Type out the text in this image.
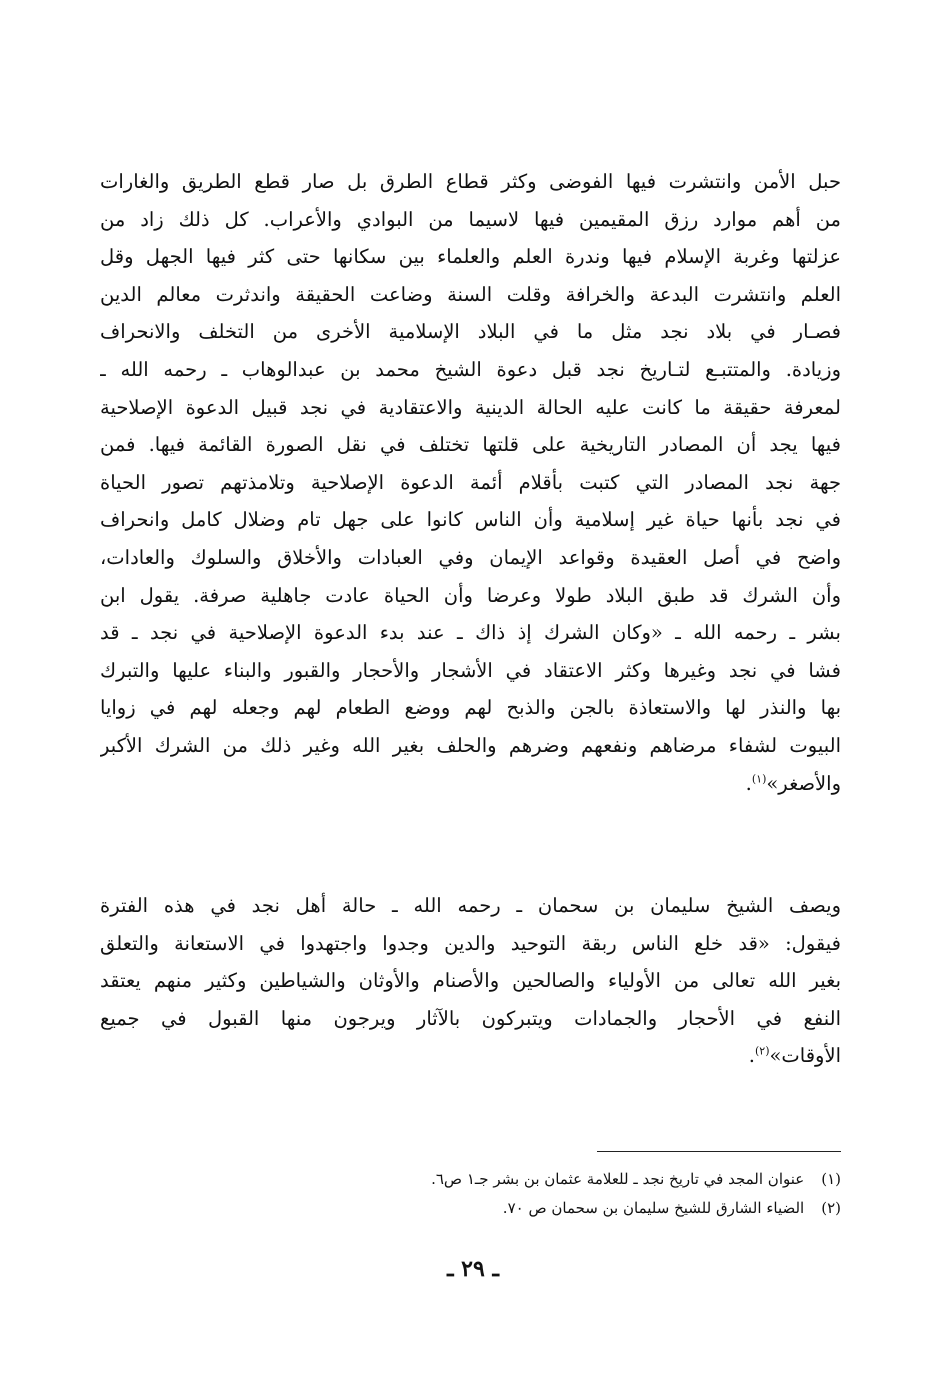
حبل الأمن وانتشرت فيها الفوضى وكثر قطاع الطرق بل صار قطع الطريق والغارات
من أهم موارد رزق المقيمين فيها لاسيما من البوادي والأعراب. كل ذلك زاد من
عزلتها وغربة الإسلام فيها وندرة العلم والعلماء بين سكانها حتى كثر فيها الجهل وقل
العلم وانتشرت البدعة والخرافة وقلت السنة وضاعت الحقيقة واندثرت معالم الدين
فصـار في بلاد نجد مثل ما في البلاد الإسلامية الأخرى من التخلف والانحراف
وزيادة. والمتتبـع لتـاريخ نجد قبل دعوة الشيخ محمد بن عبدالوهاب ـ رحمه الله ـ
لمعرفة حقيقة ما كانت عليه الحالة الدينية والاعتقادية في نجد قبيل الدعوة الإصلاحية
فيها يجد أن المصادر التاريخية على قلتها تختلف في نقل الصورة القائمة فيها. فمن
جهة نجد المصادر التي كتبت بأقلام أئمة الدعوة الإصلاحية وتلامذتهم تصور الحياة
في نجد بأنها حياة غير إسلامية وأن الناس كانوا على جهل تام وضلال كامل وانحراف
واضح في أصل العقيدة وقواعد الإيمان وفي العبادات والأخلاق والسلوك والعادات،
وأن الشرك قد طبق البلاد طولا وعرضا وأن الحياة عادت جاهلية صرفة. يقول ابن
بشر ـ رحمه الله ـ «وكان الشرك إذ ذاك ـ عند بدء الدعوة الإصلاحية في نجد ـ قد
فشا في نجد وغيرها وكثر الاعتقاد في الأشجار والأحجار والقبور والبناء عليها والتبرك
بها والنذر لها والاستعاذة بالجن والذبح لهم ووضع الطعام لهم وجعله لهم في زوايا
البيوت لشفاء مرضاهم ونفعهم وضرهم والحلف بغير الله وغير ذلك من الشرك الأكبر
والأصغر»$^{(١)}$.
ويصف الشيخ سليمان بن سحمان ـ رحمه الله ـ حالة أهل نجد في هذه الفترة
فيقول: «قد خلع الناس ربقة التوحيد والدين وجدوا واجتهدوا في الاستعانة والتعلق
بغير الله تعالى من الأولياء والصالحين والأصنام والأوثان والشياطين وكثير منهم يعتقد
النفع في الأحجار والجمادات ويتبركون بالآثار ويرجون منها القبول في جميع
الأوقات»$^{(٢)}$.
(١) عنوان المجد في تاريخ نجد ـ للعلامة عثمان بن بشر جـ١ ص٦.
(٢) الضياء الشارق للشيخ سليمان بن سحمان ص ٧٠.
ـ ٢٩ ـ
